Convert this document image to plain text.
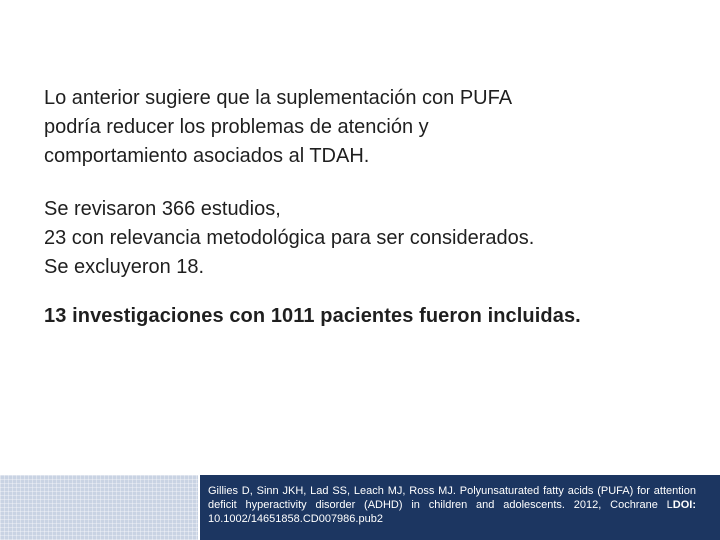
Lo anterior sugiere que la suplementación con PUFA
podría reducer los problemas de atención y
comportamiento asociados al TDAH.

Se revisaron 366 estudios,
23 con relevancia metodológica para ser considerados.
Se excluyeron 18.

13 investigaciones con 1011 pacientes fueron incluidas.

Gillies D, Sinn JKH, Lad SS, Leach MJ, Ross MJ. Polyunsaturated fatty acids (PUFA) for attention deficit hyperactivity disorder (ADHD) in children and adolescents. 2012, Cochrane LDOI: 10.1002/14651858.CD007986.pub2
